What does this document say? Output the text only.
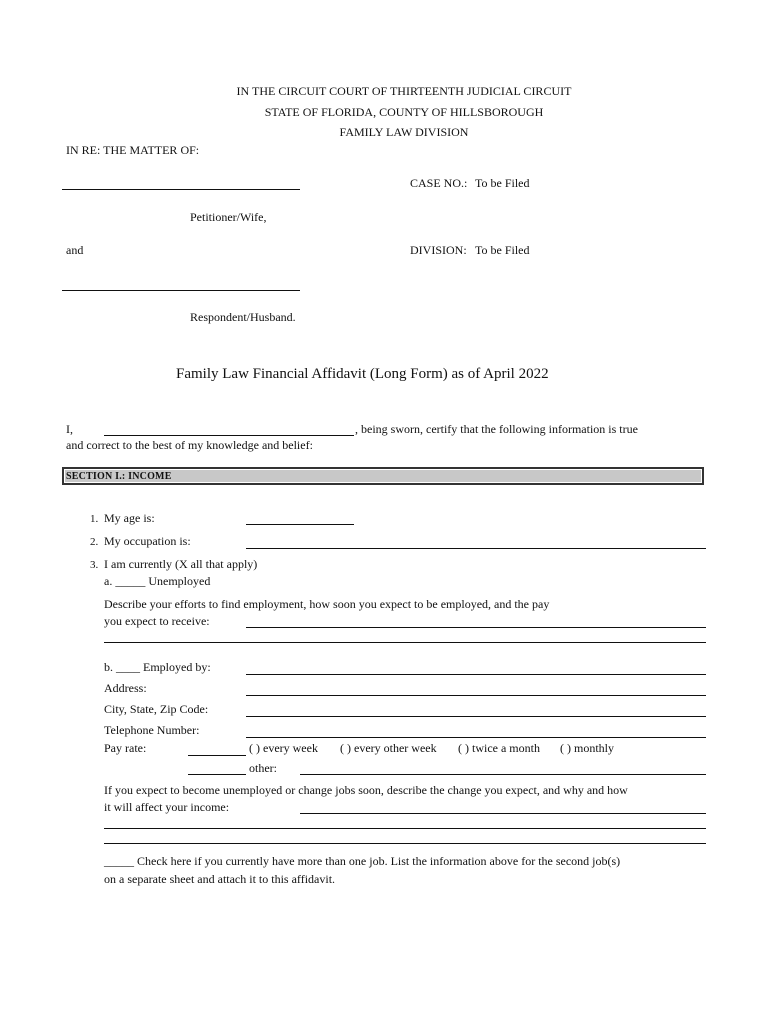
IN THE CIRCUIT COURT OF THIRTEENTH JUDICIAL CIRCUIT
STATE OF FLORIDA, COUNTY OF HILLSBOROUGH
FAMILY LAW DIVISION
IN RE: THE MATTER OF:
CASE NO.: To be Filed
Petitioner/Wife,
and	DIVISION: To be Filed
Respondent/Husband.
Family Law Financial Affidavit (Long Form) as of April 2022
I,	, being sworn, certify that the following information is true
and correct to the best of my knowledge and belief:
SECTION I.: INCOME
1. My age is:
2. My occupation is:
3. I am currently (X all that apply)
a. _____ Unemployed
Describe your efforts to find employment, how soon you expect to be employed, and the pay
you expect to receive:
b. ____ Employed by:
Address:
City, State, Zip Code:
Telephone Number:
Pay rate:	( ) every week ( ) every other week ( ) twice a month ( ) monthly
other:
If you expect to become unemployed or change jobs soon, describe the change you expect, and why and how
it will affect your income:
_____ Check here if you currently have more than one job. List the information above for the second job(s)
on a separate sheet and attach it to this affidavit.
